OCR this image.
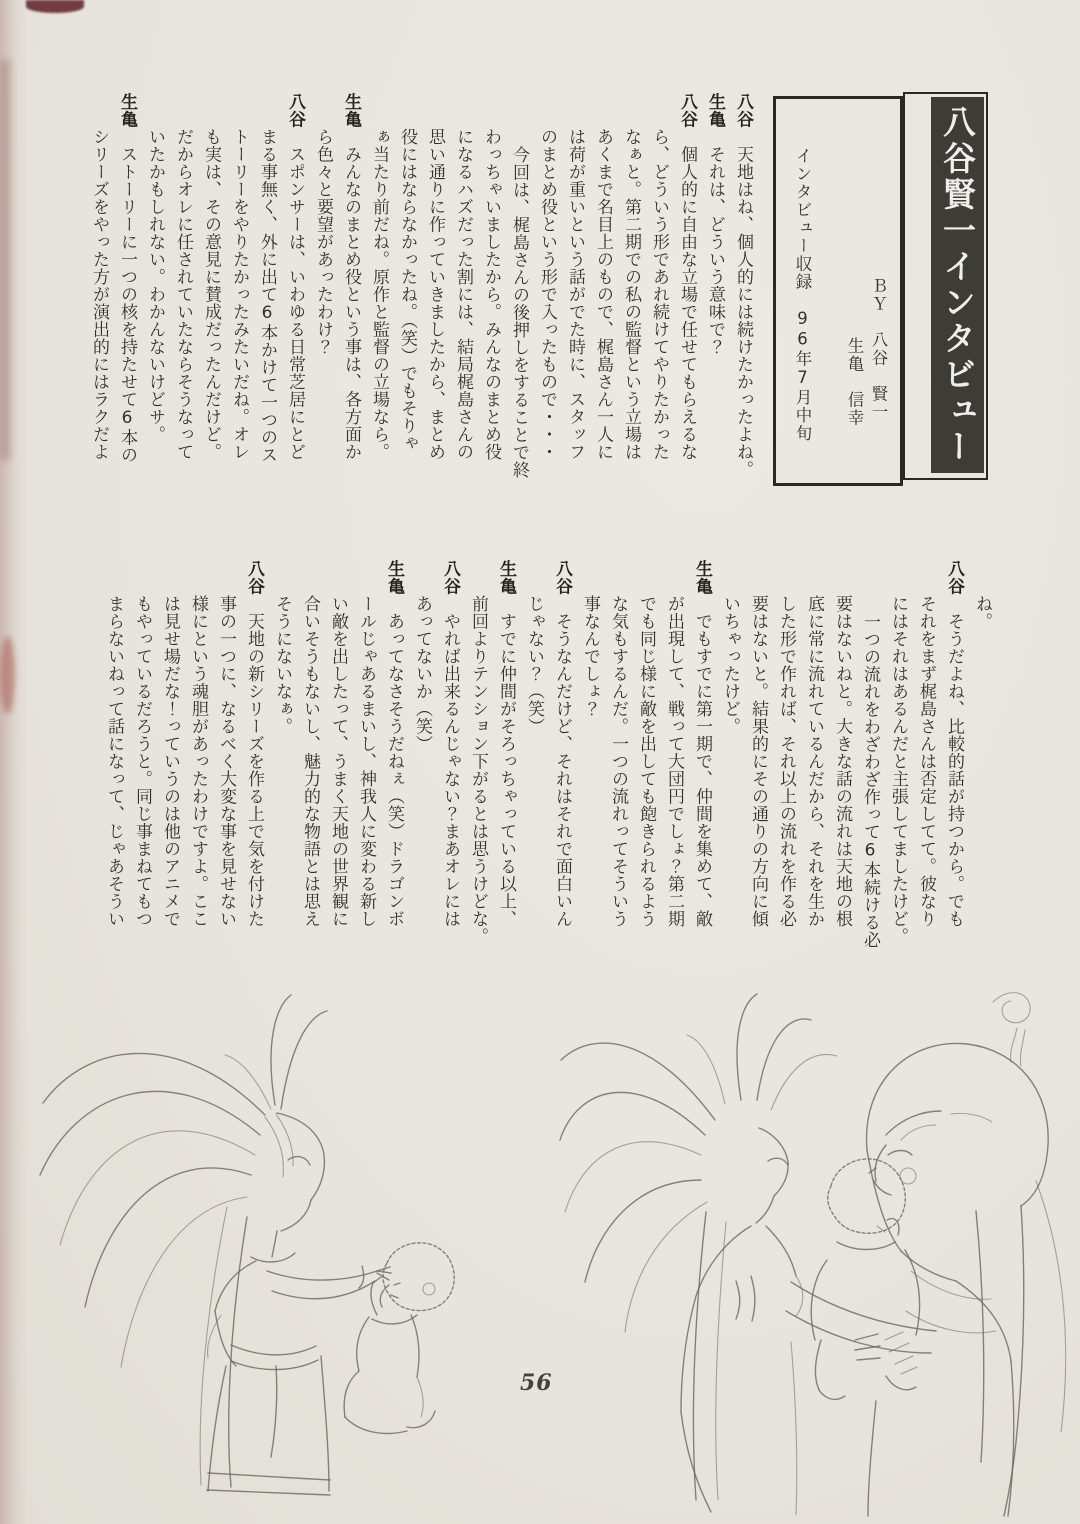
八谷賢一インタビュー
ＢＹ　八谷　賢一
生亀　信幸
インタビュー収録　96年7月中旬
八谷　天地はね、個人的には続けたかったよね。
生亀　それは、どういう意味で？
八谷　個人的に自由な立場で任せてもらえるな
ら、どういう形であれ続けてやりたかった
なぁと。第二期での私の監督という立場は
あくまで名目上のもので、梶島さん一人に
は荷が重いという話がでた時に、スタッフ
のまとめ役という形で入ったもので・・・
今回は、梶島さんの後押しをすることで終
わっちゃいましたから。みんなのまとめ役
になるハズだった割には、結局梶島さんの
思い通りに作っていきましたから、まとめ
役にはならなかったね。（笑）でもそりゃ
ぁ当たり前だね。原作と監督の立場なら。
生亀　みんなのまとめ役という事は、各方面か
ら色々と要望があったわけ？
八谷　スポンサーは、いわゆる日常芝居にとど
まる事無く、外に出て6本かけて一つのス
トーリーをやりたかったみたいだね。オレ
も実は、その意見に賛成だったんだけど。
だからオレに任されていたならそうなって
いたかもしれない。わかんないけどサ。
生亀　ストーリーに一つの核を持たせて6本の
シリーズをやった方が演出的にはラクだよ
ね。
八谷　そうだよね、比較的話が持つから。でも
それをまず梶島さんは否定してて。彼なり
にはそれはあるんだと主張してましたけど。
一つの流れをわざわざ作って6本続ける必
要はないねと。大きな話の流れは天地の根
底に常に流れているんだから、それを生か
した形で作れば、それ以上の流れを作る必
要はないと。結果的にその通りの方向に傾
いちゃったけど。
生亀　でもすでに第一期で、仲間を集めて、敵
が出現して、戦って大団円でしょ？第二期
でも同じ様に敵を出しても飽きられるよう
な気もするんだ。一つの流れってそういう
事なんでしょ？
八谷　そうなんだけど、それはそれで面白いん
じゃない？（笑）
生亀　すでに仲間がそろっちゃっている以上、
前回よりテンション下がるとは思うけどな。
八谷　やれば出来るんじゃない？まあオレには
あってないか（笑）
生亀　あってなさそうだねぇ（笑）ドラゴンボ
ールじゃあるまいし、神我人に変わる新し
い敵を出したって、うまく天地の世界観に
合いそうもないし、魅力的な物語とは思え
そうにないなぁ。
八谷　天地の新シリーズを作る上で気を付けた
事の一つに、なるべく大変な事を見せない
様にという魂胆があったわけですよ。ここ
は見せ場だな！っていうのは他のアニメで
もやっているだろうと。同じ事まねてもつ
まらないねって話になって、じゃあそうい
56
